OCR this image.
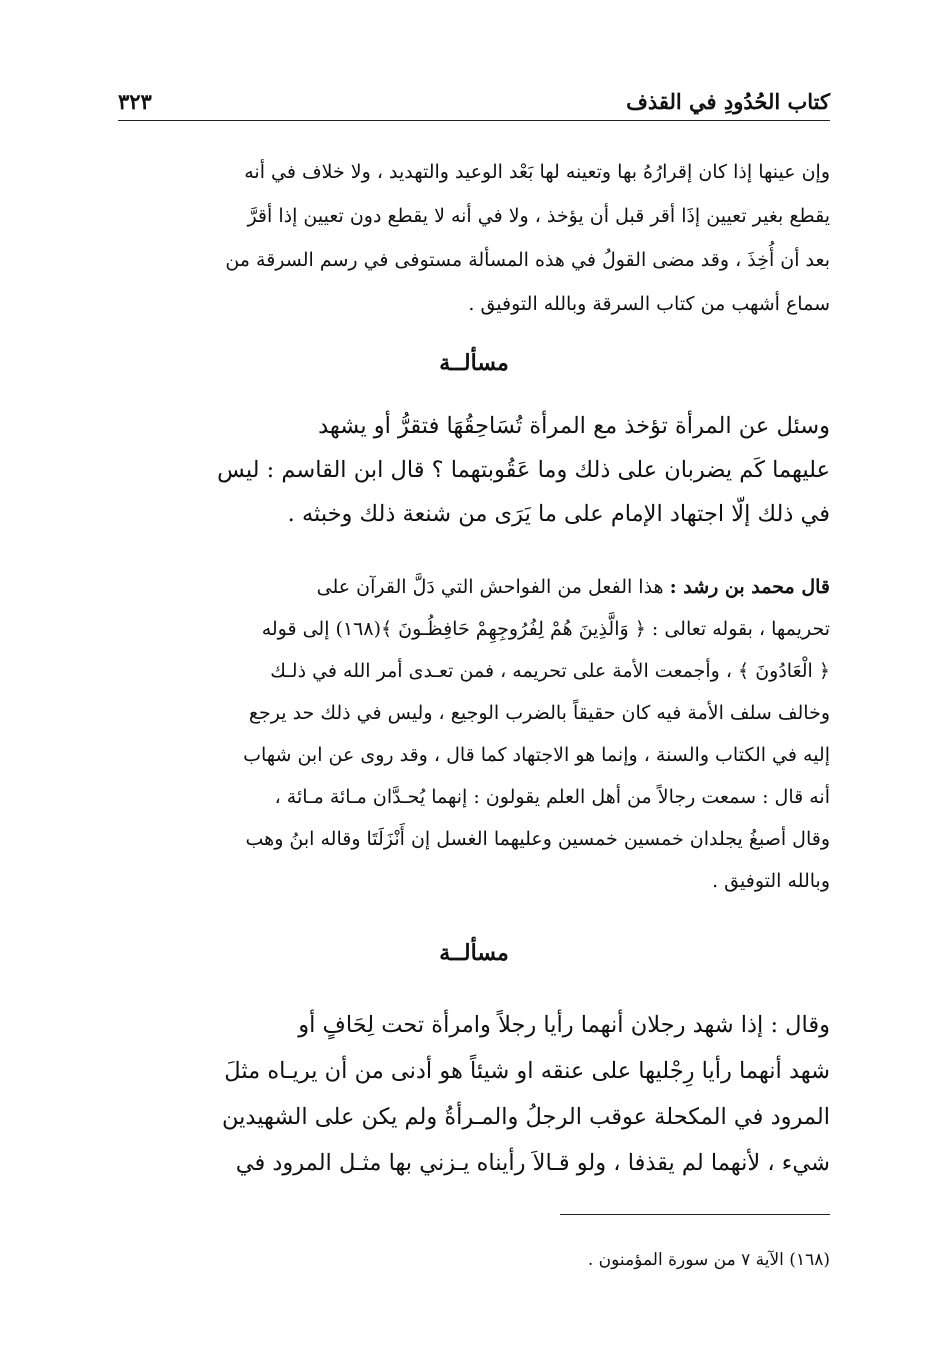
كتاب الحُدُودِ في القذف
٣٢٣
وإن عينها إذا كان إقرارُهُ بها وتعينه لها بَعْد الوعيد والتهديد ، ولا خلاف في أنه
يقطع بغير تعيين إذَا أقر قبل أن يؤخذ ، ولا في أنه لا يقطع دون تعيين إذا أقرَّ
بعد أن أُخِذَ ، وقد مضى القولُ في هذه المسألة مستوفى في رسم السرقة من
سماع أشهب من كتاب السرقة وبالله التوفيق .
مسألــة
وسئل عن المرأة تؤخذ مع المرأة تُسَاحِقُهَا فتقرُّ أو يشهد
عليهما كَم يضربان على ذلك وما عَقُوبتهما ؟ قال ابن القاسم : ليس
في ذلك إلّا اجتهاد الإمام على ما يَرَى من شنعة ذلك وخبثه .
قال محمد بن رشد : هذا الفعل من الفواحش التي دَلَّ القرآن على
تحريمها ، بقوله تعالى : ﴿ وَالَّذِينَ هُمْ لِفُرُوجِهِمْ حَافِظُـونَ ﴾(١٦٨) إلى قوله
﴿ الْعَادُونَ ﴾ ، وأجمعت الأمة على تحريمه ، فمن تعـدى أمر الله في ذلـك
وخالف سلف الأمة فيه كان حقيقاً بالضرب الوجيع ، وليس في ذلك حد يرجع
إليه في الكتاب والسنة ، وإنما هو الاجتهاد كما قال ، وقد روى عن ابن شهاب
أنه قال : سمعت رجالاً من أهل العلم يقولون : إنهما يُحـدَّان مـائة مـائة ،
وقال أصبغُ يجلدان خمسين خمسين وعليهما الغسل إن أَنْزَلَتَا وقاله ابنُ وهب
وبالله التوفيق .
مسألــة
وقال : إذا شهد رجلان أنهما رأيا رجلاً وامرأة تحت لِحَافٍ أو
شهد أنهما رأيا رِجْليها على عنقه او شيئاً هو أدنى من أن يريـاه مثلَ
المرود في المكحلة عوقب الرجلُ والمـرأةُ ولم يكن على الشهيدين
شيء ، لأنهما لم يقذفا ، ولو قـالاَ رأيناه يـزني بها مثـل المرود في
(١٦٨) الآية ٧ من سورة المؤمنون .
